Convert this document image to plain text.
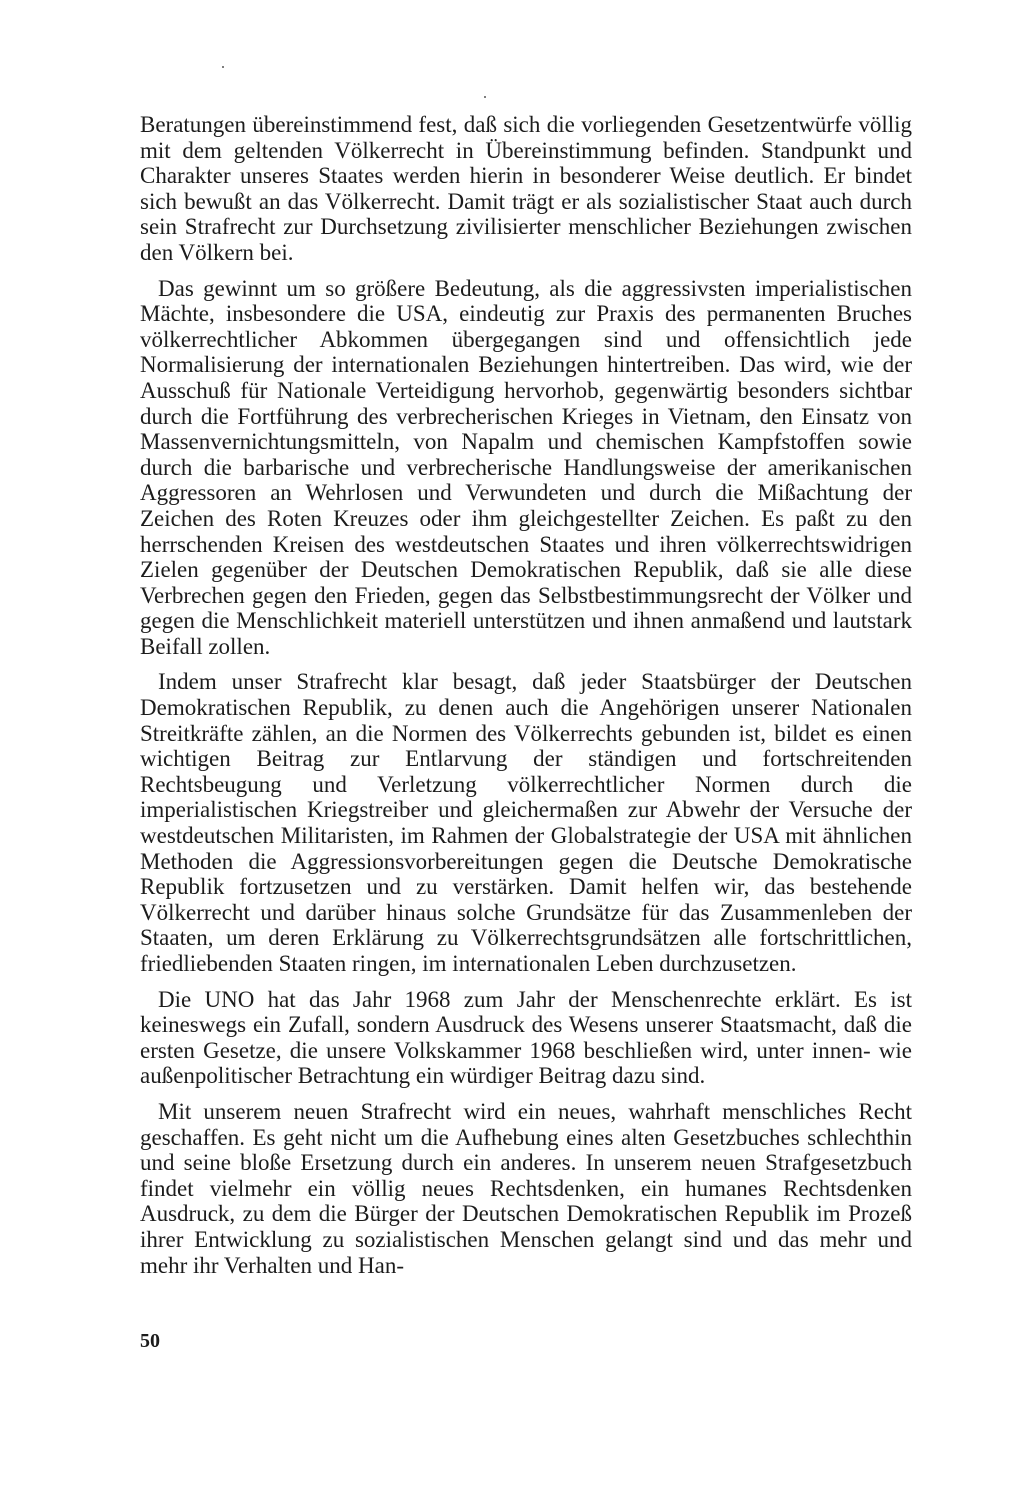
Beratungen übereinstimmend fest, daß sich die vorliegenden Gesetzentwürfe völlig mit dem geltenden Völkerrecht in Übereinstimmung befinden. Standpunkt und Charakter unseres Staates werden hierin in besonderer Weise deutlich. Er bindet sich bewußt an das Völkerrecht. Damit trägt er als sozialistischer Staat auch durch sein Strafrecht zur Durchsetzung zivilisierter menschlicher Beziehungen zwischen den Völkern bei.

Das gewinnt um so größere Bedeutung, als die aggressivsten imperialistischen Mächte, insbesondere die USA, eindeutig zur Praxis des permanenten Bruches völkerrechtlicher Abkommen übergegangen sind und offensichtlich jede Normalisierung der internationalen Beziehungen hintertreiben. Das wird, wie der Ausschuß für Nationale Verteidigung hervorhob, gegenwärtig besonders sichtbar durch die Fortführung des verbrecherischen Krieges in Vietnam, den Einsatz von Massenvernichtungsmitteln, von Napalm und chemischen Kampfstoffen sowie durch die barbarische und verbrecherische Handlungsweise der amerikanischen Aggressoren an Wehrlosen und Verwundeten und durch die Mißachtung der Zeichen des Roten Kreuzes oder ihm gleichgestellter Zeichen. Es paßt zu den herrschenden Kreisen des westdeutschen Staates und ihren völkerrechtswidrigen Zielen gegenüber der Deutschen Demokratischen Republik, daß sie alle diese Verbrechen gegen den Frieden, gegen das Selbstbestimmungsrecht der Völker und gegen die Menschlichkeit materiell unterstützen und ihnen anmaßend und lautstark Beifall zollen.

Indem unser Strafrecht klar besagt, daß jeder Staatsbürger der Deutschen Demokratischen Republik, zu denen auch die Angehörigen unserer Nationalen Streitkräfte zählen, an die Normen des Völkerrechts gebunden ist, bildet es einen wichtigen Beitrag zur Entlarvung der ständigen und fortschreitenden Rechtsbeugung und Verletzung völkerrechtlicher Normen durch die imperialistischen Kriegstreiber und gleichermaßen zur Abwehr der Versuche der westdeutschen Militaristen, im Rahmen der Globalstrategie der USA mit ähnlichen Methoden die Aggressionsvorbereitungen gegen die Deutsche Demokratische Republik fortzusetzen und zu verstärken. Damit helfen wir, das bestehende Völkerrecht und darüber hinaus solche Grundsätze für das Zusammenleben der Staaten, um deren Erklärung zu Völkerrechtsgrundsätzen alle fortschrittlichen, friedliebenden Staaten ringen, im internationalen Leben durchzusetzen.

Die UNO hat das Jahr 1968 zum Jahr der Menschenrechte erklärt. Es ist keineswegs ein Zufall, sondern Ausdruck des Wesens unserer Staatsmacht, daß die ersten Gesetze, die unsere Volkskammer 1968 beschließen wird, unter innen- wie außenpolitischer Betrachtung ein würdiger Beitrag dazu sind.

Mit unserem neuen Strafrecht wird ein neues, wahrhaft menschliches Recht geschaffen. Es geht nicht um die Aufhebung eines alten Gesetzbuches schlechthin und seine bloße Ersetzung durch ein anderes. In unserem neuen Strafgesetzbuch findet vielmehr ein völlig neues Rechtsdenken, ein humanes Rechtsdenken Ausdruck, zu dem die Bürger der Deutschen Demokratischen Republik im Prozeß ihrer Entwicklung zu sozialistischen Menschen gelangt sind und das mehr und mehr ihr Verhalten und Han-

50
